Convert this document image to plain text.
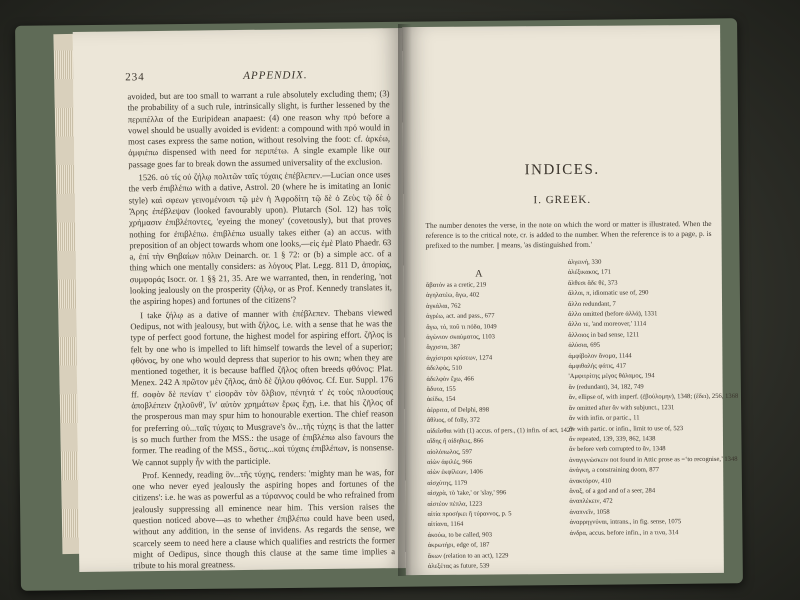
234	APPENDIX.

avoided, but are too small to warrant a rule absolutely excluding them; (3) the probability of a such rule, intrinsically slight, is further lessened by the περιπέλλα of the Euripidean anapaest: (4) one reason why πρό before a vowel should be usually avoided is evident: a compound with πρό would in most cases express the same notion, without resolving the foot: cf. ἀρκέω, ἀμφιέπω dispensed with need for περιπέτω. A single example like our passage goes far to break down the assumed universality of the exclusion.

1526. οὐ τίς οὐ ζήλῳ πολιτῶν ταῖς τύχαις ἐπέβλεπεν.—Lucian once uses the verb ἐπιβλέπω with a dative, Astrol. 20 (where he is imitating an Ionic style) καὶ σφεων γεινομένοισι τῷ μὲν ἡ Ἀφροδίτη τῷ δὲ ὁ Ζεὺς τῷ δὲ ὁ Ἄρης ἐπέβλεψαν (looked favourably upon). Plutarch (Sol. 12) has τοῖς χρήμασιν ἐπιβλέποντες, 'eyeing the money' (covetously), but that proves nothing for ἐπιβλέπω. ἐπιβλέπω usually takes either (a) an accus. with preposition of an object towards whom one looks,—εἰς ἐμὲ Plato Phaedr. 63 a, ἐπί τὴν Θηβαίων πόλιν Deinarch. or. 1 § 72: or (b) a simple acc. of a thing which one mentally considers: as λόγους Plat. Legg. 811 D, ἀπορίας, συμφοράς Isocr. or. 1 §§ 21, 35. Are we warranted, then, in rendering, 'not looking jealously on the prosperity (ζήλῳ, or as Prof. Kennedy translates it, the aspiring hopes) and fortunes of the citizens'?

I take ζήλῳ as a dative of manner with ἐπέβλεπεν. Thebans viewed Oedipus, not with jealousy, but with ζήλος, i.e. with a sense that he was the type of perfect good fortune, the highest model for aspiring effort. ζῆλος is felt by one who is impelled to lift himself towards the level of a superior; φθόνος, by one who would depress that superior to his own; when they are mentioned together, it is because baffled ζῆλος often breeds φθόνος: Plat. Menex. 242 A πρῶτον μὲν ζῆλος, ἀπὸ δὲ ζήλου φθόνος. Cf. Eur. Suppl. 176 ff. σοφὸν δὲ πενίαν τ' εἰσορᾶν τὸν ὄλβιον, πένητά τ' ἐς τοὺς πλουσίους ἀποβλέπειν ζηλοῦνθ', ἵν' αὐτὸν χρημάτων ἔρως ἔχῃ, i.e. that his ζῆλος of the prosperous man may spur him to honourable exertion. The chief reason for preferring οὐ...ταῖς τύχαις to Musgrave's ὅν...τῆς τύχης is that the latter is so much further from the MSS.: the usage of ἐπιβλέπω also favours the former. The reading of the MSS., ὅστις...καὶ τύχαις ἐπιβλέπων, is nonsense. We cannot supply ἦν with the participle.

Prof. Kennedy, reading ὃν...τῆς τύχης, renders: 'mighty man he was, for one who never eyed jealously the aspiring hopes and fortunes of the citizens': i.e. he was as powerful as a τύραννος could be who refrained from jealously suppressing all eminence near him. This version raises the question noticed above—as to whether ἐπιβλέπω could have been used, without any addition, in the sense of invidens. As regards the sense, we scarcely seem to need here a clause which qualifies and restricts the former might of Oedipus, since though this clause at the same time implies a tribute to his moral greatness.

INDICES.
I. GREEK.
The number denotes the verse, in the note on which the word or matter is illustrated. When the reference is to the critical note, cr. is added to the number. When the reference is to a page, p. is prefixed to the number. || means, 'as distinguished from.'
A
ἄβατόν as a cretic, 219
ἀγηλατέω, ἄγω, 402
ἀγκάλαι, 762
ἀγρέω, act. and pass., 677
ἄγω, τό, ποῦ τι πόδα, 1049
ἀγώνιον σκαύματος, 1103
ἄγχιστα, 387
ἀγχίστροι κρίσεων, 1274
ἀδελφὸς, 510
ἀδελφὸν ἔχω, 466
ἄδυτα, 155
ἀείδω, 154
ἀέρριτα, of Delphi, 898
ἄθλιος, of folly, 372
αἰδεῖσθαι with (1) accus. of pers., (1) infin. of act, 1427
αἴδης ἢ αἰδηθεις, 866
αἰολόπωλος, 597
αἰὼν ἀφιλές, 966
αἰὼν ἐκφίλεων, 1406
αἰσχύτης, 1179
αἰσχρὰ, τὸ 'take,' or 'slay,' 996
αἰστέον πέπλα, 1223
αἰτία προσήκει ἢ τύραννος, p. 5
αἰτίανα, 1164
ἀκούω, to be called, 903
ἀκρωτήρι, edge of, 187
ἄκων (relation to an act), 1229
ἀλεξέτας as future, 539
ἀλγεινή, 330
ἀλέξικακος, 171
ἄλθεσι ἄδε θὲ, 373
ἄλλοι, π, idiomatic use of, 290
ἄλλο redundant, 7
ἄλλο omitted (before ἀλλά), 1331
ἄλλο τε, 'and moreover,' 1114
ἄλλοιος in bad sense, 1211
ἀλύσια, 695
ἀμφίβολον ἄνομα, 1144
ἀμφιθαλὴς φάτις, 417
'Αμφιτρίτης μέγας θάλαμος, 194
ἄν (redundant), 34, 182, 749
ἄν, ellipse of, with imperf. (ἐβούλομην), 1348; (ἔδει), 256, 1368
ἄν omitted after ἄν with subjunct., 1231
ἄν with infin. or partic., 11
ἄν with partic. or infin., limit to use of, 523
ἄν repeated, 139, 339, 862, 1438
ἄν before verb corrupted to ἄν, 1348
ἀναγιγνώσκειν not found in Attic prose as =‘to recognise,’ 1348
ἀνάγκη, a constraining doom, 877
ἀνακτόρον, 410
ἄναξ, of a god and of a seer, 284
ἀναπλέκειν, 472
ἀναπνεῖν, 1058
ἀναρρηγνύναι, intrans., in fig. sense, 1075
ἀνδρα, accus. before infin., in a τινα, 314
